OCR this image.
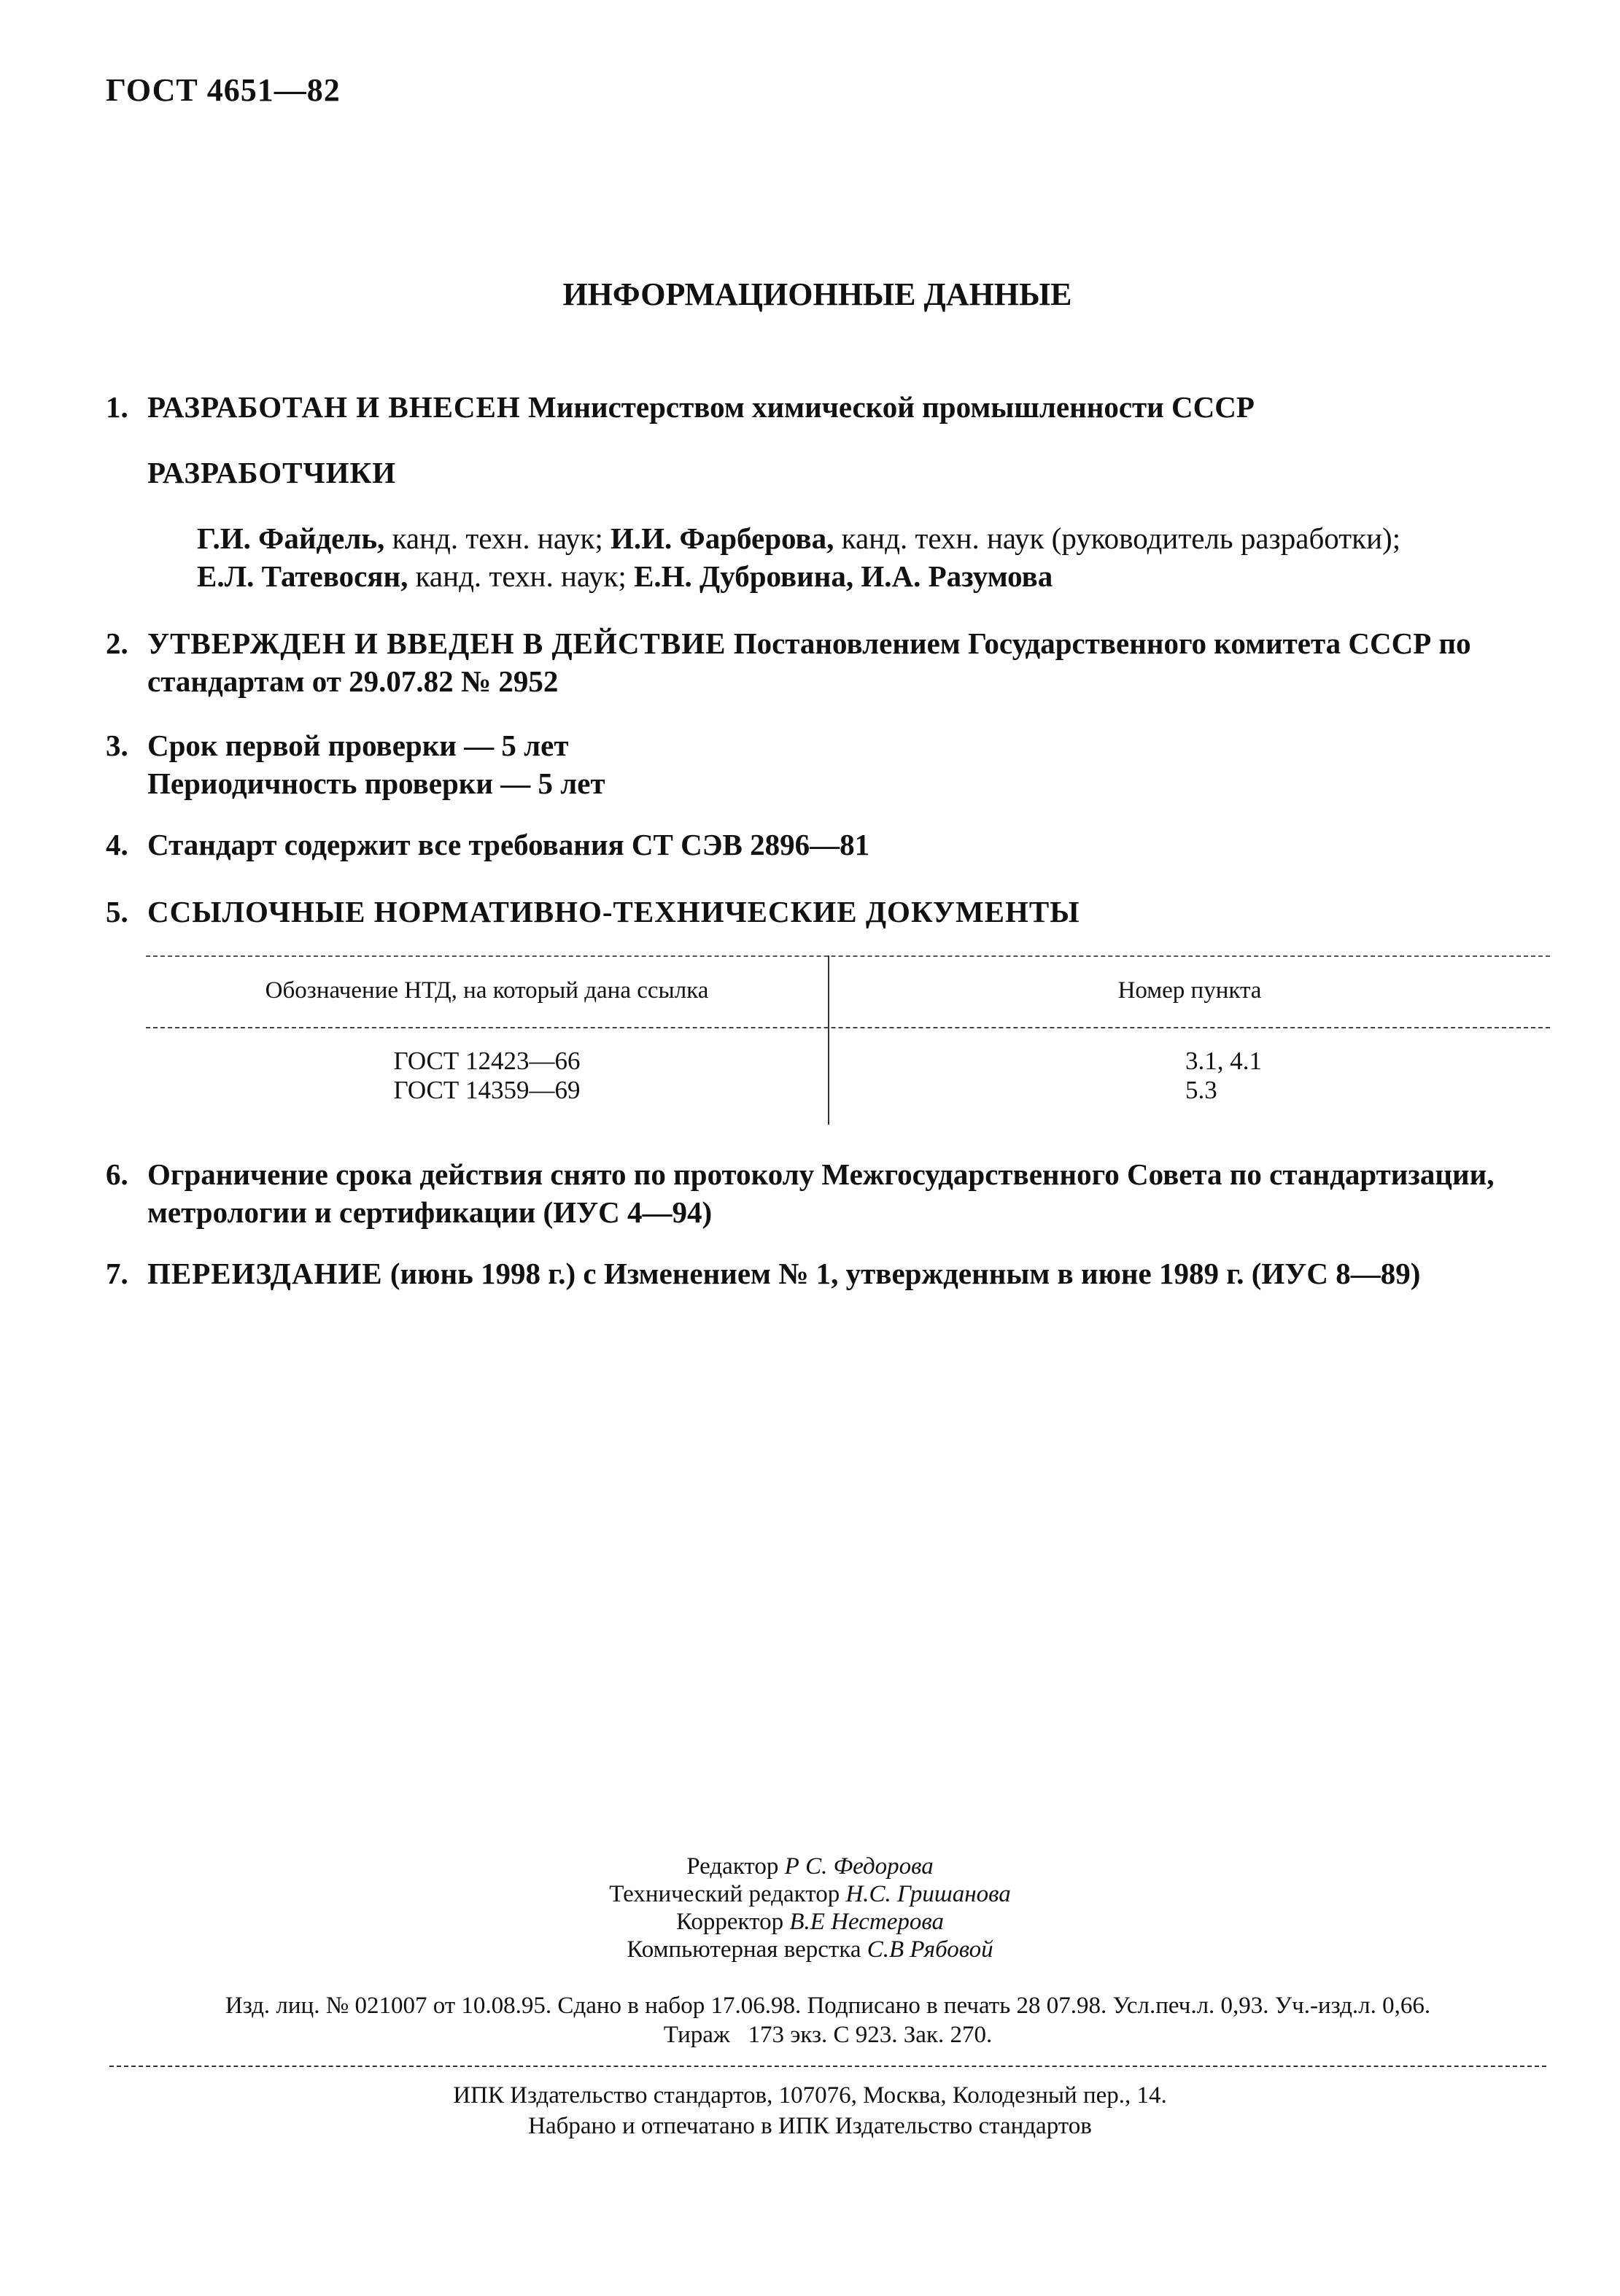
ГОСТ 4651—82
ИНФОРМАЦИОННЫЕ ДАННЫЕ
1. РАЗРАБОТАН И ВНЕСЕН Министерством химической промышленности СССР
РАЗРАБОТЧИКИ
Г.И. Файдель, канд. техн. наук; И.И. Фарберова, канд. техн. наук (руководитель разработки);
Е.Л. Татевосян, канд. техн. наук; Е.Н. Дубровина, И.А. Разумова
2. УТВЕРЖДЕН И ВВЕДЕН В ДЕЙСТВИЕ Постановлением Государственного комитета СССР по стандартам от 29.07.82 № 2952
3. Срок первой проверки — 5 лет
Периодичность проверки — 5 лет
4. Стандарт содержит все требования СТ СЭВ 2896—81
5. ССЫЛОЧНЫЕ НОРМАТИВНО-ТЕХНИЧЕСКИЕ ДОКУМЕНТЫ
Обозначение НТД, на который дана ссылка	Номер пункта
ГОСТ 12423—66	3.1, 4.1
ГОСТ 14359—69	5.3
6. Ограничение срока действия снято по протоколу Межгосударственного Совета по стандартизации, метрологии и сертификации (ИУС 4—94)
7. ПЕРЕИЗДАНИЕ (июнь 1998 г.) с Изменением № 1, утвержденным в июне 1989 г. (ИУС 8—89)
Редактор Р С. Федорова
Технический редактор Н.С. Гришанова
Корректор В.Е Нестерова
Компьютерная верстка С.В Рябовой
Изд. лиц. № 021007 от 10.08.95. Сдано в набор 17.06.98. Подписано в печать 28 07.98. Усл.печ.л. 0,93. Уч.-изд.л. 0,66.
Тираж   173 экз. С 923. Зак. 270.
ИПК Издательство стандартов, 107076, Москва, Колодезный пер., 14.
Набрано и отпечатано в ИПК Издательство стандартов
